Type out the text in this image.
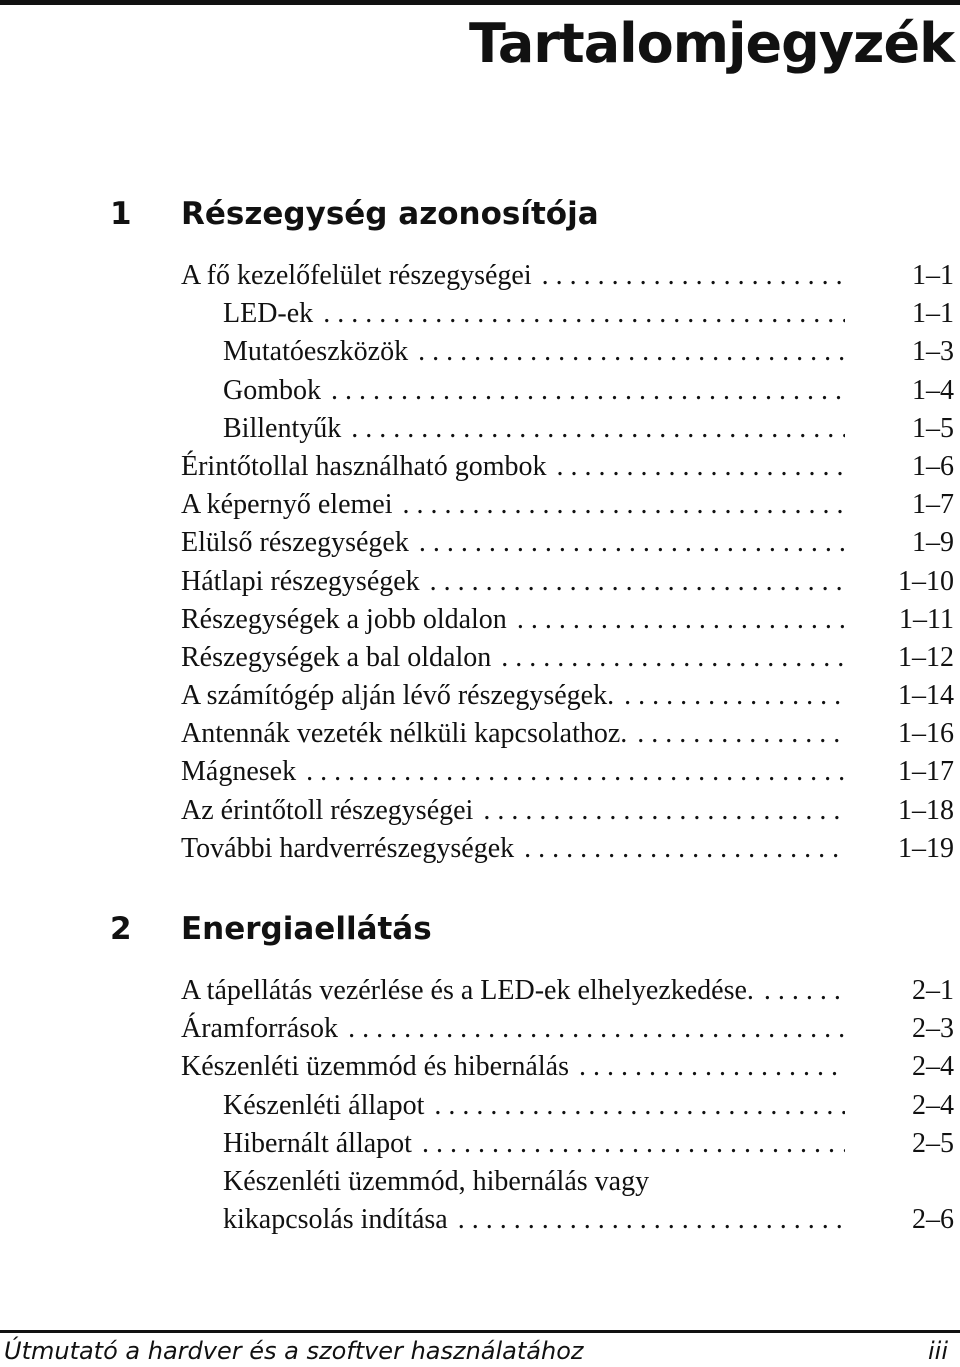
Tartalomjegyzék
1 Részegység azonosítója
A fő kezelőfelület részegységei . . .	1–1
LED-ek . . .	1–1
Mutatóeszközök . . .	1–3
Gombok . . .	1–4
Billentyűk . . .	1–5
Érintőtollal használható gombok . . .	1–6
A képernyő elemei . . .	1–7
Elülső részegységek . . .	1–9
Hátlapi részegységek . . .	1–10
Részegységek a jobb oldalon . . .	1–11
Részegységek a bal oldalon . . .	1–12
A számítógép alján lévő részegységek. . . .	1–14
Antennák vezeték nélküli kapcsolathoz. . . .	1–16
Mágnesek . . .	1–17
Az érintőtoll részegységei . . .	1–18
További hardverrészegységek . . .	1–19
2 Energiaellátás
A tápellátás vezérlése és a LED-ek elhelyezkedése. . . .	2–1
Áramforrások . . .	2–3
Készenléti üzemmód és hibernálás . . .	2–4
Készenléti állapot . . .	2–4
Hibernált állapot . . .	2–5
Készenléti üzemmód, hibernálás vagy
kikapcsolás indítása . . .	2–6
Útmutató a hardver és a szoftver használatához	iii
